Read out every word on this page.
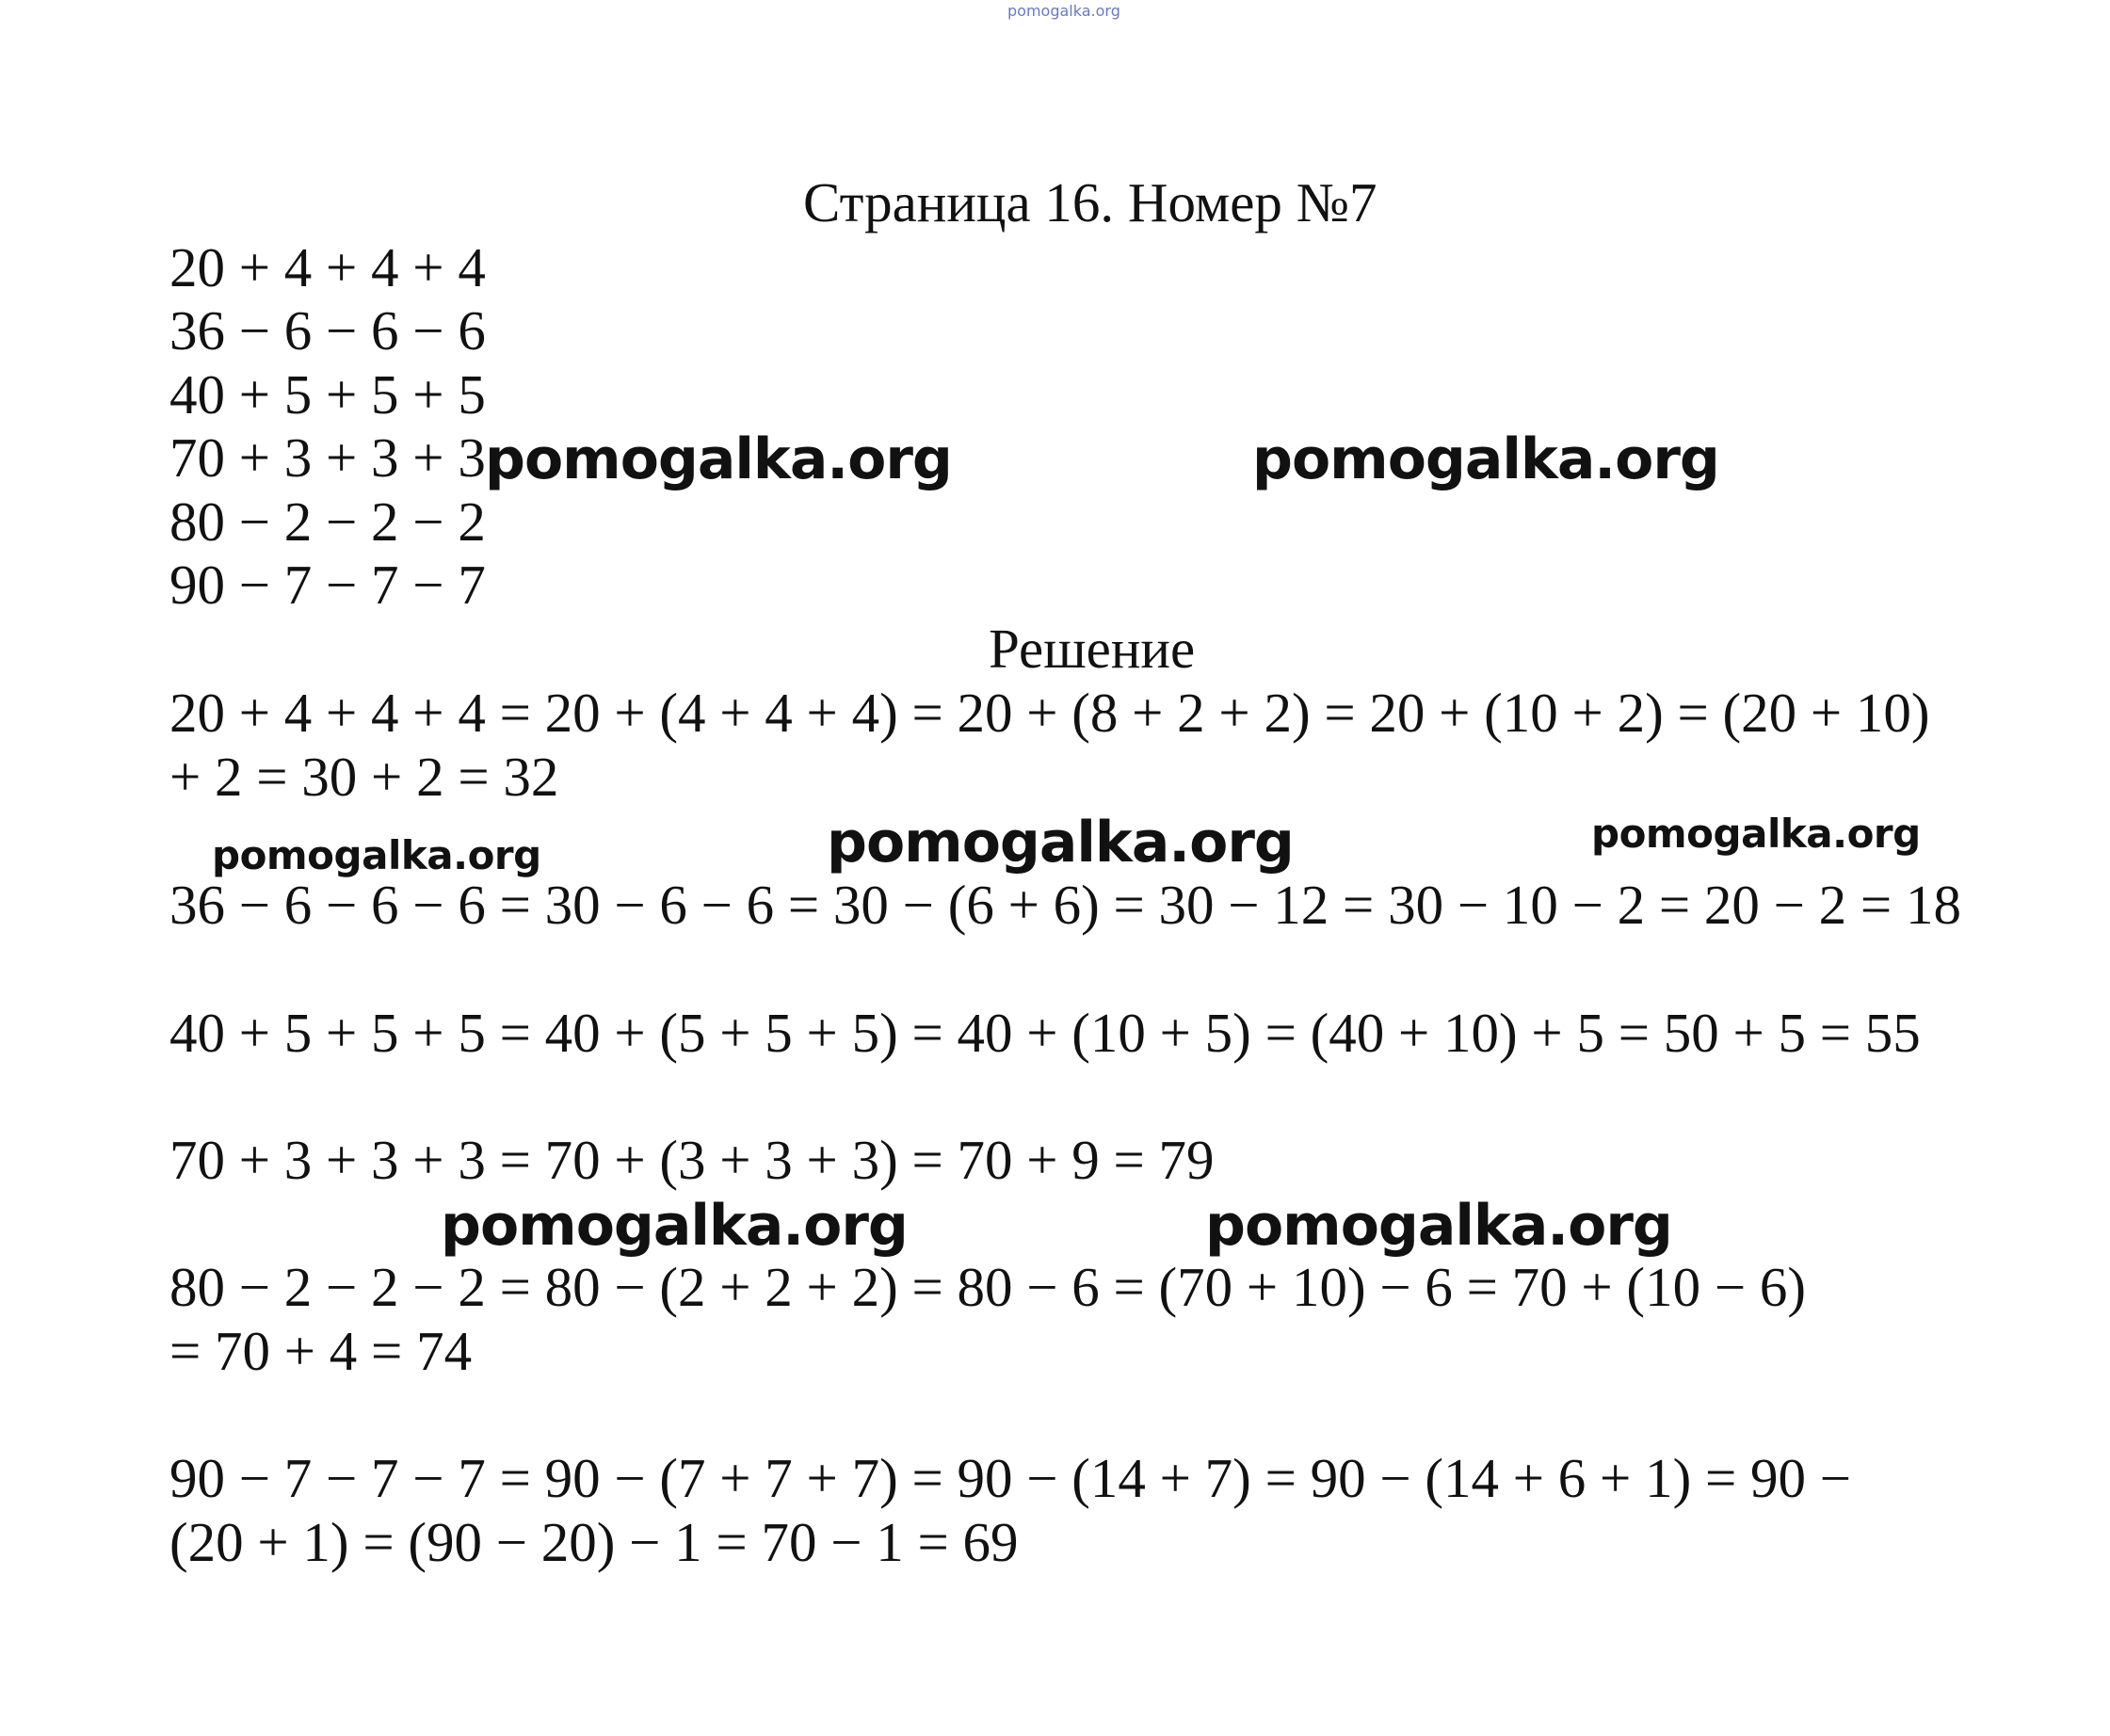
pomogalka.org
Страница 16. Номер №7
20 + 4 + 4 + 4
36 − 6 − 6 − 6
40 + 5 + 5 + 5
70 + 3 + 3 + 3
80 − 2 − 2 − 2
90 − 7 − 7 − 7
Решение
20 + 4 + 4 + 4 = 20 + (4 + 4 + 4) = 20 + (8 + 2 + 2) = 20 + (10 + 2) = (20 + 10)
+ 2 = 30 + 2 = 32
36 − 6 − 6 − 6 = 30 − 6 − 6 = 30 − (6 + 6) = 30 − 12 = 30 − 10 − 2 = 20 − 2 = 18
40 + 5 + 5 + 5 = 40 + (5 + 5 + 5) = 40 + (10 + 5) = (40 + 10) + 5 = 50 + 5 = 55
70 + 3 + 3 + 3 = 70 + (3 + 3 + 3) = 70 + 9 = 79
80 − 2 − 2 − 2 = 80 − (2 + 2 + 2) = 80 − 6 = (70 + 10) − 6 = 70 + (10 − 6)
= 70 + 4 = 74
90 − 7 − 7 − 7 = 90 − (7 + 7 + 7) = 90 − (14 + 7) = 90 − (14 + 6 + 1) = 90 −
(20 + 1) = (90 − 20) − 1 = 70 − 1 = 69
pomogalka.org	pomogalka.org
pomogalka.org	pomogalka.org	pomogalka.org
pomogalka.org	pomogalka.org
